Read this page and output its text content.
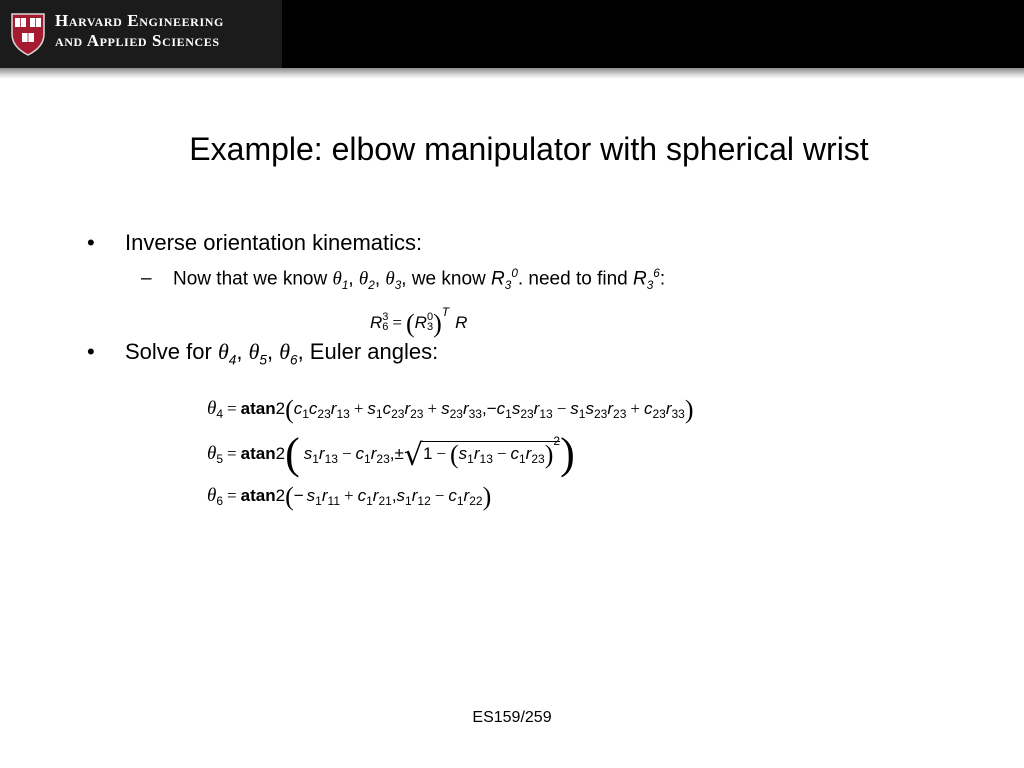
Harvard Engineering
and Applied Sciences
Example: elbow manipulator with spherical wrist
• Inverse orientation kinematics:
– Now that we know $\theta_1$, $\theta_2$, $\theta_3$, we know $R_3^0$. need to find $R_3^6$:
R 3
6 = (R 0
3 )$^T$R
• Solve for $\theta_4$, $\theta_5$, $\theta_6$, Euler angles:
$\theta_4 = atan2(c_1c_{23}r_{13} + s_1c_{23}r_{23} + s_{23}r_{33},-c_1s_{23}r_{13} - s_1s_{23}r_{23} + c_{23}r_{33})$
$\theta_5 = atan2$( $s_1r_{13} - c_1r_{23},\pm√1 - (s_1r_{13} - c_1r_{23})^2$)
$\theta_6 = atan2(- s_1r_{11} + c_1r_{21},s_1r_{12} - c_1r_{22})$
ES159/259
